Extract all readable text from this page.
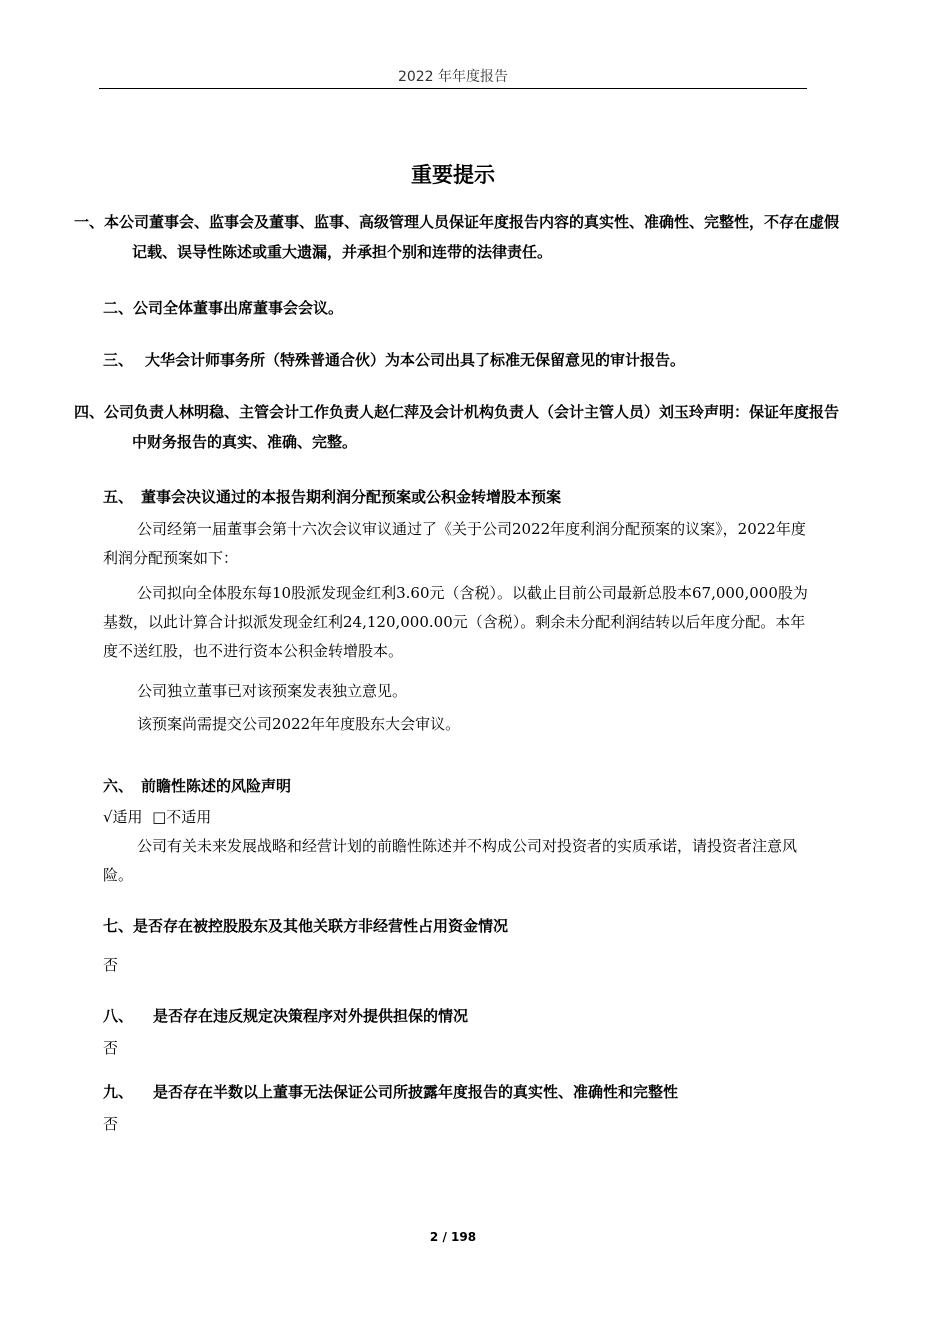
2022 年年度报告
重要提示
一、本公司董事会、监事会及董事、监事、高级管理人员保证年度报告内容的真实性、准确性、完整性，不存在虚假记载、误导性陈述或重大遗漏，并承担个别和连带的法律责任。
二、公司全体董事出席董事会会议。
三、 大华会计师事务所（特殊普通合伙）为本公司出具了标准无保留意见的审计报告。
四、公司负责人林明稳、主管会计工作负责人赵仁萍及会计机构负责人（会计主管人员）刘玉玲声明：保证年度报告中财务报告的真实、准确、完整。
五、 董事会决议通过的本报告期利润分配预案或公积金转增股本预案
公司经第一届董事会第十六次会议审议通过了《关于公司2022年度利润分配预案的议案》，2022年度利润分配预案如下：
公司拟向全体股东每10股派发现金红利3.60元（含税）。以截止目前公司最新总股本67,000,000股为基数，以此计算合计拟派发现金红利24,120,000.00元（含税）。剩余未分配利润结转以后年度分配。本年度不送红股，也不进行资本公积金转增股本。
公司独立董事已对该预案发表独立意见。
该预案尚需提交公司2022年年度股东大会审议。
六、 前瞻性陈述的风险声明
√适用 □不适用
公司有关未来发展战略和经营计划的前瞻性陈述并不构成公司对投资者的实质承诺，请投资者注意风险。
七、是否存在被控股股东及其他关联方非经营性占用资金情况
否
八、 是否存在违反规定决策程序对外提供担保的情况
否
九、 是否存在半数以上董事无法保证公司所披露年度报告的真实性、准确性和完整性
否
2 / 198
